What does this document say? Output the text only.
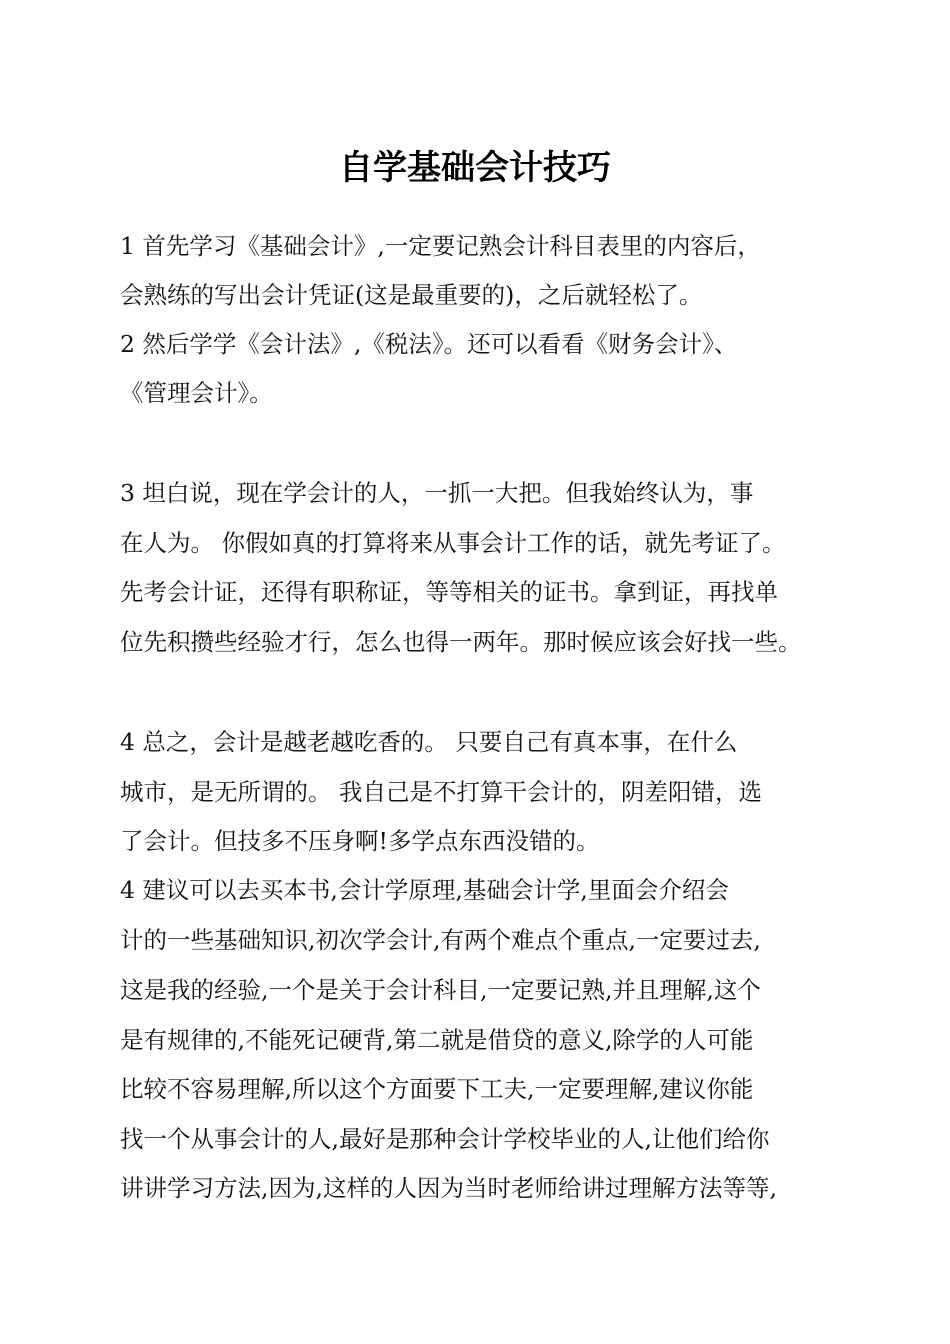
自学基础会计技巧

1 首先学习《基础会计》,一定要记熟会计科目表里的内容后，

会熟练的写出会计凭证(这是最重要的)，之后就轻松了。

2 然后学学《会计法》,《税法》。还可以看看《财务会计》、

《管理会计》。

3 坦白说，现在学会计的人，一抓一大把。但我始终认为，事

在人为。 你假如真的打算将来从事会计工作的话，就先考证了。

先考会计证，还得有职称证，等等相关的证书。拿到证，再找单

位先积攒些经验才行，怎么也得一两年。那时候应该会好找一些。

4 总之，会计是越老越吃香的。 只要自己有真本事，在什么

城市，是无所谓的。 我自己是不打算干会计的，阴差阳错，选

了会计。但技多不压身啊!多学点东西没错的。

4 建议可以去买本书,会计学原理,基础会计学,里面会介绍会

计的一些基础知识,初次学会计,有两个难点个重点,一定要过去,

这是我的经验,一个是关于会计科目,一定要记熟,并且理解,这个

是有规律的,不能死记硬背,第二就是借贷的意义,除学的人可能

比较不容易理解,所以这个方面要下工夫,一定要理解,建议你能

找一个从事会计的人,最好是那种会计学校毕业的人,让他们给你

讲讲学习方法,因为,这样的人因为当时老师给讲过理解方法等等,
